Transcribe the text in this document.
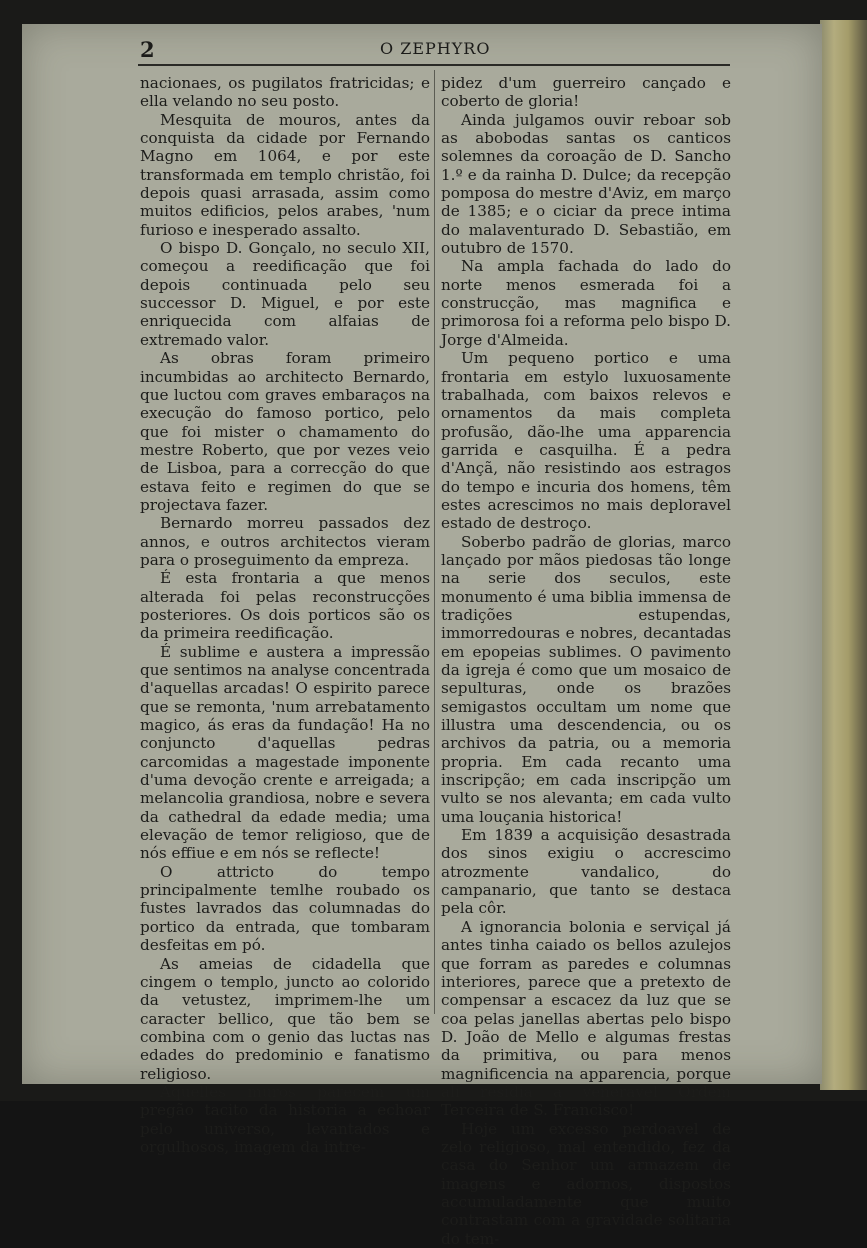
2	O ZEPHYRO

nacionaes, os pugilatos fratricidas; e ella velando no seu posto.

Mesquita de mouros, antes da conquista da cidade por Fernando Magno em 1064, e por este transformada em templo christão, foi depois quasi arrasada, assim como muitos edificios, pelos arabes, 'num furioso e inesperado assalto.

O bispo D. Gonçalo, no seculo XII, começou a reedificação que foi depois continuada pelo seu successor D. Miguel, e por este enriquecida com alfaias de extremado valor.

As obras foram primeiro incumbidas ao architecto Bernardo, que luctou com graves embaraços na execução do famoso portico, pelo que foi mister o chamamento do mestre Roberto, que por vezes veio de Lisboa, para a correcção do que estava feito e regimen do que se projectava fazer.

Bernardo morreu passados dez annos, e outros architectos vieram para o proseguimento da empreza.

É esta frontaria a que menos alterada foi pelas reconstrucções posteriores. Os dois porticos são os da primeira reedificação.

É sublime e austera a impressão que sentimos na analyse concentrada d'aquellas arcadas! O espirito parece que se remonta, 'num arrebatamento magico, ás eras da fundação! Ha no conjuncto d'aquellas pedras carcomidas a magestade imponente d'uma devoção crente e arreigada; a melancolia grandiosa, nobre e severa da cathedral da edade media; uma elevação de temor religioso, que de nós effiue e em nós se reflecte!

O attricto do tempo principalmente temlhe roubado os fustes lavrados das columnadas do portico da entrada, que tombaram desfeitas em pó.

As ameias de cidadella que cingem o templo, juncto ao colorido da vetustez, imprimem-lhe um caracter bellico, que tão bem se combina com o genio das luctas nas edades do predominio e fanatismo religioso.

Aquelles muros parecem um pregão tacito da historia a echoar pelo universo, levantados e orgulhosos, imagem da intre-

pidez d'um guerreiro cançado e coberto de gloria!

Ainda julgamos ouvir reboar sob as abobodas santas os canticos solemnes da coroação de D. Sancho 1.º e da rainha D. Dulce; da recepção pomposa do mestre d'Aviz, em março de 1385; e o ciciar da prece intima do malaventurado D. Sebastião, em outubro de 1570.

Na ampla fachada do lado do norte menos esmerada foi a construcção, mas magnifica e primorosa foi a reforma pelo bispo D. Jorge d'Almeida.

Um pequeno portico e uma frontaria em estylo luxuosamente trabalhada, com baixos relevos e ornamentos da mais completa profusão, dão-lhe uma apparencia garrida e casquilha. É a pedra d'Ançã, não resistindo aos estragos do tempo e incuria dos homens, têm estes acrescimos no mais deploravel estado de destroço.

Soberbo padrão de glorias, marco lançado por mãos piedosas tão longe na serie dos seculos, este monumento é uma biblia immensa de tradições estupendas, immorredouras e nobres, decantadas em epopeias sublimes. O pavimento da igreja é como que um mosaico de sepulturas, onde os brazões semigastos occultam um nome que illustra uma descendencia, ou os archivos da patria, ou a memoria propria. Em cada recanto uma inscripção; em cada inscripção um vulto se nos alevanta; em cada vulto uma louçania historica!

Em 1839 a acquisição desastrada dos sinos exigiu o accrescimo atrozmente vandalico, do campanario, que tanto se destaca pela côr.

A ignorancia bolonia e serviçal já antes tinha caiado os bellos azulejos que forram as paredes e columnas interiores, parece que a pretexto de compensar a escacez da luz que se coa pelas janellas abertas pelo bispo D. João de Mello e algumas frestas da primitiva, ou para menos magnificencia na apparencia, porque ali residia a veneravel Ordem Terceira de S. Francisco!

Hoje um excesso perdoavel de zelo religioso, mal entendido, fez da casa do Senhor um armazem de imagens e adornos, dispostos accumuladamente que muito contrastam com a gravidade solitaria do tem-
